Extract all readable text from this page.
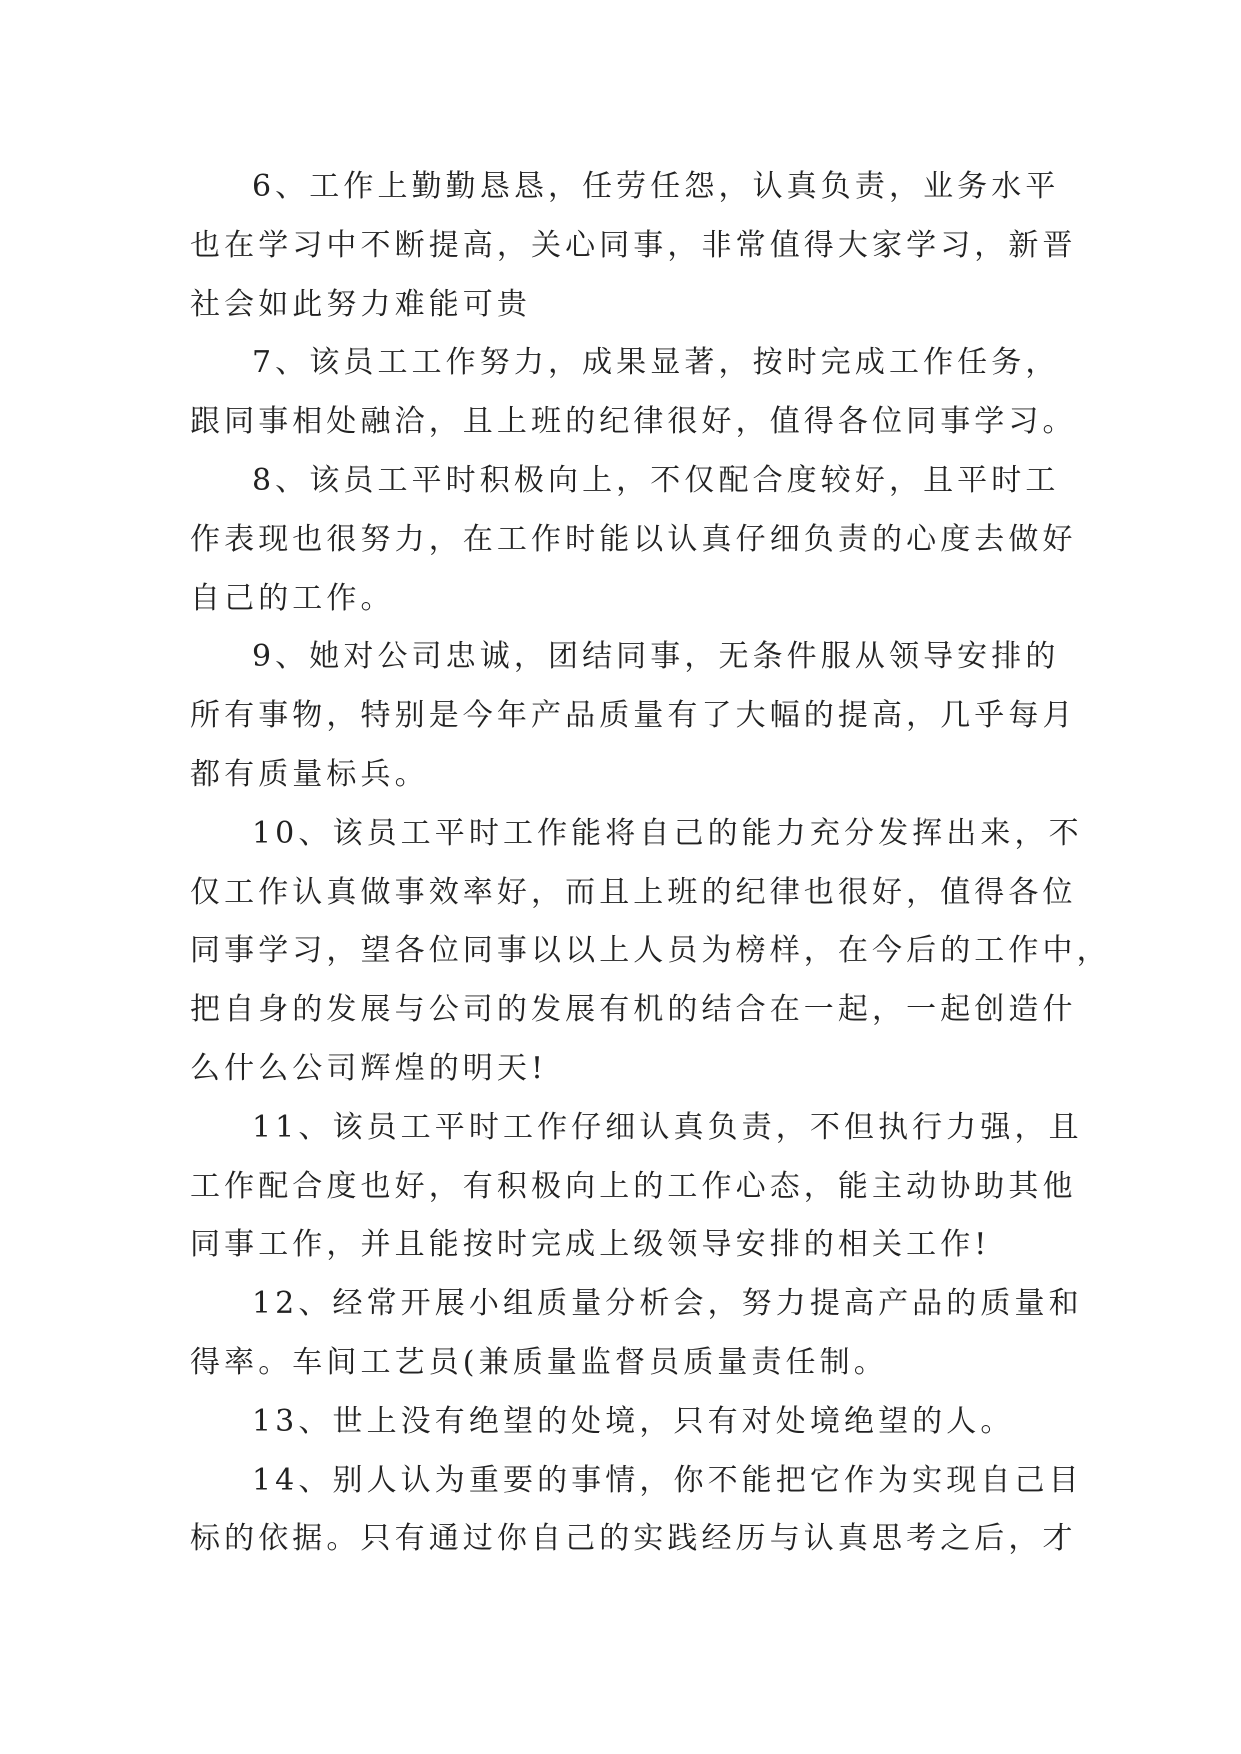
6、工作上勤勤恳恳，任劳任怨，认真负责，业务水平
也在学习中不断提高，关心同事，非常值得大家学习，新晋
社会如此努力难能可贵
7、该员工工作努力，成果显著，按时完成工作任务，
跟同事相处融洽，且上班的纪律很好，值得各位同事学习。
8、该员工平时积极向上，不仅配合度较好，且平时工
作表现也很努力，在工作时能以认真仔细负责的心度去做好
自己的工作。
9、她对公司忠诚，团结同事，无条件服从领导安排的
所有事物，特别是今年产品质量有了大幅的提高，几乎每月
都有质量标兵。
10、该员工平时工作能将自己的能力充分发挥出来，不
仅工作认真做事效率好，而且上班的纪律也很好，值得各位
同事学习，望各位同事以以上人员为榜样，在今后的工作中，
把自身的发展与公司的发展有机的结合在一起，一起创造什
么什么公司辉煌的明天!
11、该员工平时工作仔细认真负责，不但执行力强，且
工作配合度也好，有积极向上的工作心态，能主动协助其他
同事工作，并且能按时完成上级领导安排的相关工作!
12、经常开展小组质量分析会，努力提高产品的质量和
得率。车间工艺员(兼质量监督员质量责任制。
13、世上没有绝望的处境，只有对处境绝望的人。
14、别人认为重要的事情，你不能把它作为实现自己目
标的依据。只有通过你自己的实践经历与认真思考之后，才
